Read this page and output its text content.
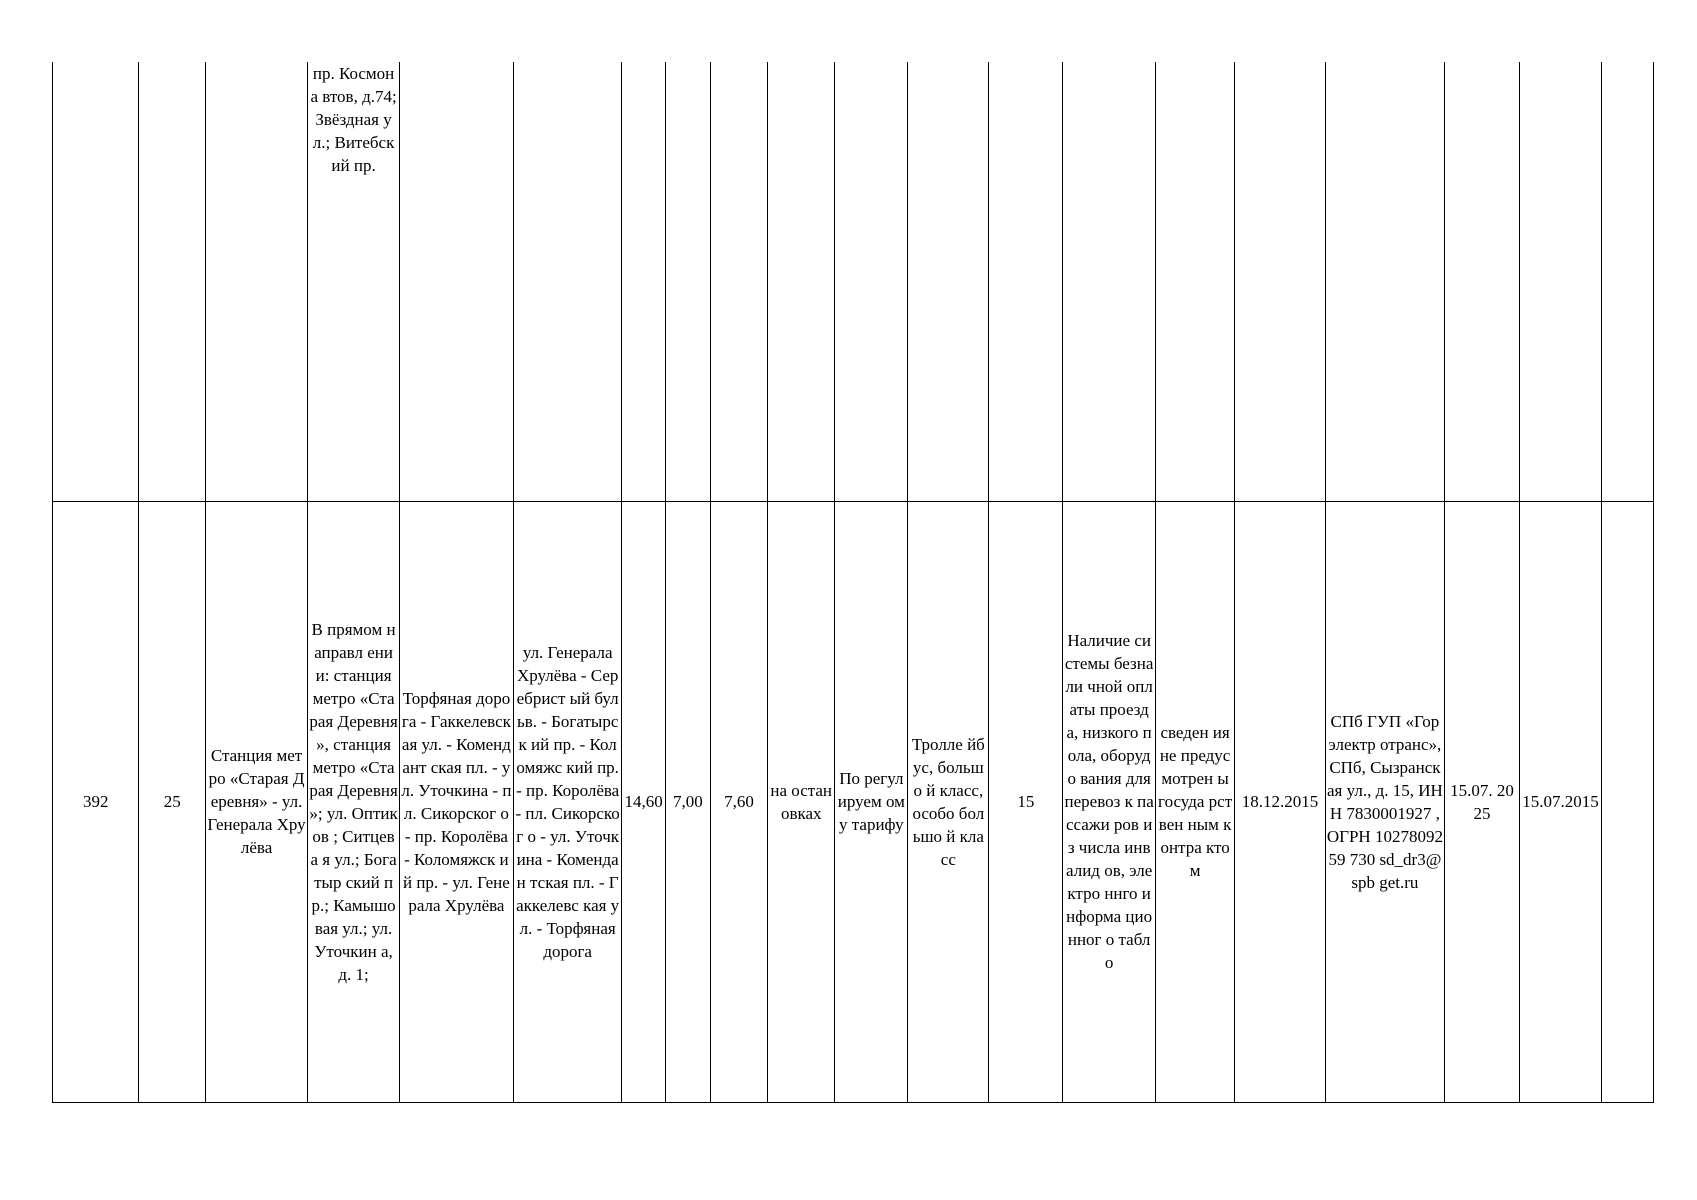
			пр. Космона втов, д.74; Звёздная ул.; Витебск ий пр.																

392	25	Станция метро «Старая Деревня» - ул. Генерала Хрулёва	В прямом направл ении: станция метро «Старая Деревня », станция метро «Старая Деревня »; ул. Оптиков ; Ситцева я ул.; Богатыр ский пр.; Камышо вая ул.; ул. Уточкин а, д. 1;	Торфяная дорога - Гаккелевск ая ул. - Комендант ская пл. - ул. Уточкина - пл. Сикорског о - пр. Королёва - Коломяжск ий пр. - ул. Генерала Хрулёва	ул. Генерала Хрулёва - Серебрист ый бульв. - Богатырск ий пр. - Коломяжс кий пр. - пр. Королёва - пл. Сикорског о - ул. Уточкина - Комендан тская пл. - Гаккелевс кая ул. - Торфяная дорога	14,60	7,00	7,60	на остан овках	По регул ируем ому тарифу	Тролле йбус, большо й класс, особо большо й класс	15	Наличие системы безнали чной оплаты проезда, низкого пола, оборудо вания для перевоз к пассажи ров из числа инвалид ов, электро ннго информа ционног о табло	сведен ия не предус мотрен ы госуда рствен ным контра ктом	18.12.2015	СПб ГУП «Горэлектр отранс», СПб, Сызранская ул., д. 15, ИНН 7830001927 , ОГРН 1027809259 730 sd_dr3@spb get.ru	15.07. 2025	15.07.2015	
